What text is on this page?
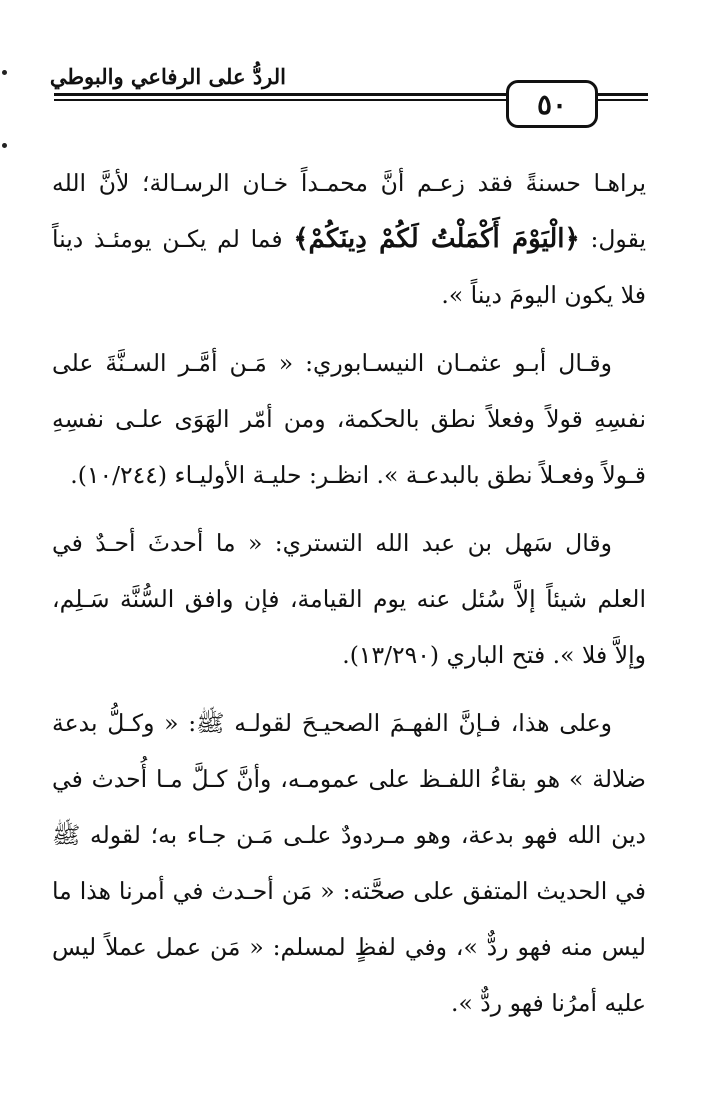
الردُّ على الرفاعي والبوطي
٥٠

يراهـا حسنةً فقد زعـم أنَّ محمـداً خـان الرسـالة؛ لأنَّ الله يقول: ﴿الْيَوْمَ أَكْمَلْتُ لَكُمْ دِينَكُمْ﴾ فما لم يكـن يومئـذ ديناً فلا يكون اليومَ ديناً ».

وقـال أبـو عثمـان النيسـابوري: « مَـن أمَّـر السـنَّةَ على نفسِهِ قولاً وفعلاً نطق بالحكمة، ومن أمّر الهَوَى علـى نفسِهِ قـولاً وفعـلاً نطق بالبدعـة ». انظـر: حليـة الأوليـاء (١٠/٢٤٤).

وقال سَهل بن عبد الله التستري: « ما أحدثَ أحـدٌ في العلم شيئاً إلاَّ سُئل عنه يوم القيامة، فإن وافق السُّنَّة سَـلِم، وإلاَّ فلا ». فتح الباري (١٣/٢٩٠).

وعلى هذا، فـإنَّ الفهـمَ الصحيـحَ لقولـه ﷺ: « وكـلُّ بدعة ضلالة » هو بقاءُ اللفـظ على عمومـه، وأنَّ كـلَّ مـا أُحدث في دين الله فهو بدعة، وهو مـردودٌ علـى مَـن جـاء به؛ لقوله ﷺ في الحديث المتفق على صحَّته: « مَن أحـدث في أمرنا هذا ما ليس منه فهو ردٌّ »، وفي لفظٍ لمسلم: « مَن عمل عملاً ليس عليه أمرُنا فهو ردٌّ ».
